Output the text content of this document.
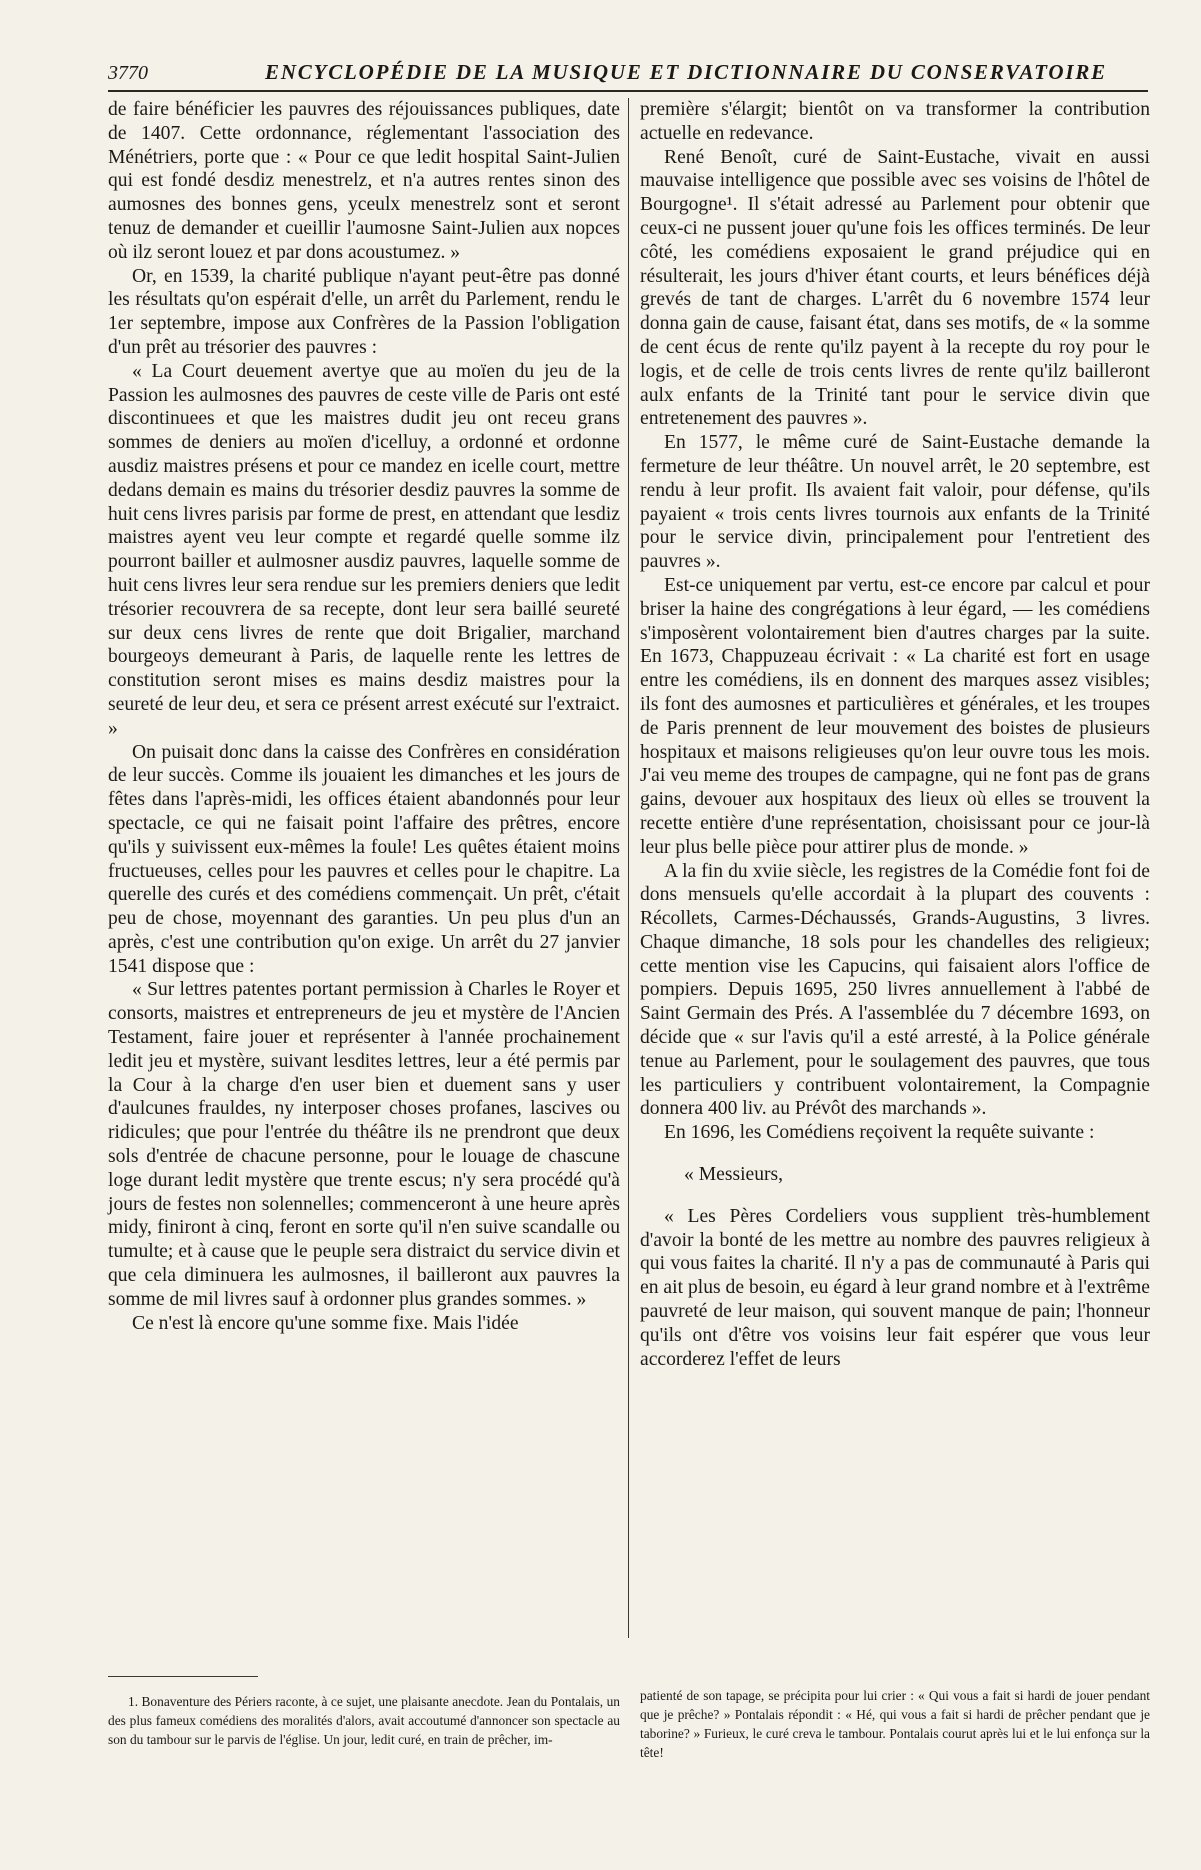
3770	ENCYCLOPÉDIE DE LA MUSIQUE ET DICTIONNAIRE DU CONSERVATOIRE

de faire bénéficier les pauvres des réjouissances publiques, date de 1407. Cette ordonnance, réglementant l'association des Ménétriers, porte que : « Pour ce que ledit hospital Saint-Julien qui est fondé desdiz menestrelz, et n'a autres rentes sinon des aumosnes des bonnes gens, yceulx menestrelz sont et seront tenuz de demander et cueillir l'aumosne Saint-Julien aux nopces où ilz seront louez et par dons acoustumez. »

Or, en 1539, la charité publique n'ayant peut-être pas donné les résultats qu'on espérait d'elle, un arrêt du Parlement, rendu le 1er septembre, impose aux Confrères de la Passion l'obligation d'un prêt au trésorier des pauvres :

« La Court deuement avertye que au moïen du jeu de la Passion les aulmosnes des pauvres de ceste ville de Paris ont esté discontinuees et que les maistres dudit jeu ont receu grans sommes de deniers au moïen d'icelluy, a ordonné et ordonne ausdiz maistres présens et pour ce mandez en icelle court, mettre dedans demain es mains du trésorier desdiz pauvres la somme de huit cens livres parisis par forme de prest, en attendant que lesdiz maistres ayent veu leur compte et regardé quelle somme ilz pourront bailler et aulmosner ausdiz pauvres, laquelle somme de huit cens livres leur sera rendue sur les premiers deniers que ledit trésorier recouvrera de sa recepte, dont leur sera baillé seureté sur deux cens livres de rente que doit Brigalier, marchand bourgeoys demeurant à Paris, de laquelle rente les lettres de constitution seront mises es mains desdiz maistres pour la seureté de leur deu, et sera ce présent arrest exécuté sur l'extraict. »

On puisait donc dans la caisse des Confrères en considération de leur succès. Comme ils jouaient les dimanches et les jours de fêtes dans l'après-midi, les offices étaient abandonnés pour leur spectacle, ce qui ne faisait point l'affaire des prêtres, encore qu'ils y suivissent eux-mêmes la foule! Les quêtes étaient moins fructueuses, celles pour les pauvres et celles pour le chapitre. La querelle des curés et des comédiens commençait. Un prêt, c'était peu de chose, moyennant des garanties. Un peu plus d'un an après, c'est une contribution qu'on exige. Un arrêt du 27 janvier 1541 dispose que :

« Sur lettres patentes portant permission à Charles le Royer et consorts, maistres et entrepreneurs de jeu et mystère de l'Ancien Testament, faire jouer et représenter à l'année prochainement ledit jeu et mystère, suivant lesdites lettres, leur a été permis par la Cour à la charge d'en user bien et duement sans y user d'aulcunes frauldes, ny interposer choses profanes, lascives ou ridicules; que pour l'entrée du théâtre ils ne prendront que deux sols d'entrée de chacune personne, pour le louage de chascune loge durant ledit mystère que trente escus; n'y sera procédé qu'à jours de festes non solennelles; commenceront à une heure après midy, finiront à cinq, feront en sorte qu'il n'en suive scandalle ou tumulte; et à cause que le peuple sera distraict du service divin et que cela diminuera les aulmosnes, il bailleront aux pauvres la somme de mil livres sauf à ordonner plus grandes sommes. »

Ce n'est là encore qu'une somme fixe. Mais l'idée

première s'élargit; bientôt on va transformer la contribution actuelle en redevance.

René Benoît, curé de Saint-Eustache, vivait en aussi mauvaise intelligence que possible avec ses voisins de l'hôtel de Bourgogne¹. Il s'était adressé au Parlement pour obtenir que ceux-ci ne pussent jouer qu'une fois les offices terminés. De leur côté, les comédiens exposaient le grand préjudice qui en résulterait, les jours d'hiver étant courts, et leurs bénéfices déjà grevés de tant de charges. L'arrêt du 6 novembre 1574 leur donna gain de cause, faisant état, dans ses motifs, de « la somme de cent écus de rente qu'ilz payent à la recepte du roy pour le logis, et de celle de trois cents livres de rente qu'ilz bailleront aulx enfants de la Trinité tant pour le service divin que entretenement des pauvres ».

En 1577, le même curé de Saint-Eustache demande la fermeture de leur théâtre. Un nouvel arrêt, le 20 septembre, est rendu à leur profit. Ils avaient fait valoir, pour défense, qu'ils payaient « trois cents livres tournois aux enfants de la Trinité pour le service divin, principalement pour l'entretient des pauvres ».

Est-ce uniquement par vertu, est-ce encore par calcul et pour briser la haine des congrégations à leur égard, — les comédiens s'imposèrent volontairement bien d'autres charges par la suite. En 1673, Chappuzeau écrivait : « La charité est fort en usage entre les comédiens, ils en donnent des marques assez visibles; ils font des aumosnes et particulières et générales, et les troupes de Paris prennent de leur mouvement des boistes de plusieurs hospitaux et maisons religieuses qu'on leur ouvre tous les mois. J'ai veu meme des troupes de campagne, qui ne font pas de grans gains, devouer aux hospitaux des lieux où elles se trouvent la recette entière d'une représentation, choisissant pour ce jour-là leur plus belle pièce pour attirer plus de monde. »

A la fin du xviie siècle, les registres de la Comédie font foi de dons mensuels qu'elle accordait à la plupart des couvents : Récollets, Carmes-Déchaussés, Grands-Augustins, 3 livres. Chaque dimanche, 18 sols pour les chandelles des religieux; cette mention vise les Capucins, qui faisaient alors l'office de pompiers. Depuis 1695, 250 livres annuellement à l'abbé de Saint Germain des Prés. A l'assemblée du 7 décembre 1693, on décide que « sur l'avis qu'il a esté arresté, à la Police générale tenue au Parlement, pour le soulagement des pauvres, que tous les particuliers y contribuent volontairement, la Compagnie donnera 400 liv. au Prévôt des marchands ».

En 1696, les Comédiens reçoivent la requête suivante :

« Messieurs,

« Les Pères Cordeliers vous supplient très-humblement d'avoir la bonté de les mettre au nombre des pauvres religieux à qui vous faites la charité. Il n'y a pas de communauté à Paris qui en ait plus de besoin, eu égard à leur grand nombre et à l'extrême pauvreté de leur maison, qui souvent manque de pain; l'honneur qu'ils ont d'être vos voisins leur fait espérer que vous leur accorderez l'effet de leurs

1. Bonaventure des Périers raconte, à ce sujet, une plaisante anecdote. Jean du Pontalais, un des plus fameux comédiens des moralités d'alors, avait accoutumé d'annoncer son spectacle au son du tambour sur le parvis de l'église. Un jour, ledit curé, en train de prêcher, im-

patienté de son tapage, se précipita pour lui crier : « Qui vous a fait si hardi de jouer pendant que je prêche? » Pontalais répondit : « Hé, qui vous a fait si hardi de prêcher pendant que je taborine? » Furieux, le curé creva le tambour. Pontalais courut après lui et le lui enfonça sur la tête!
